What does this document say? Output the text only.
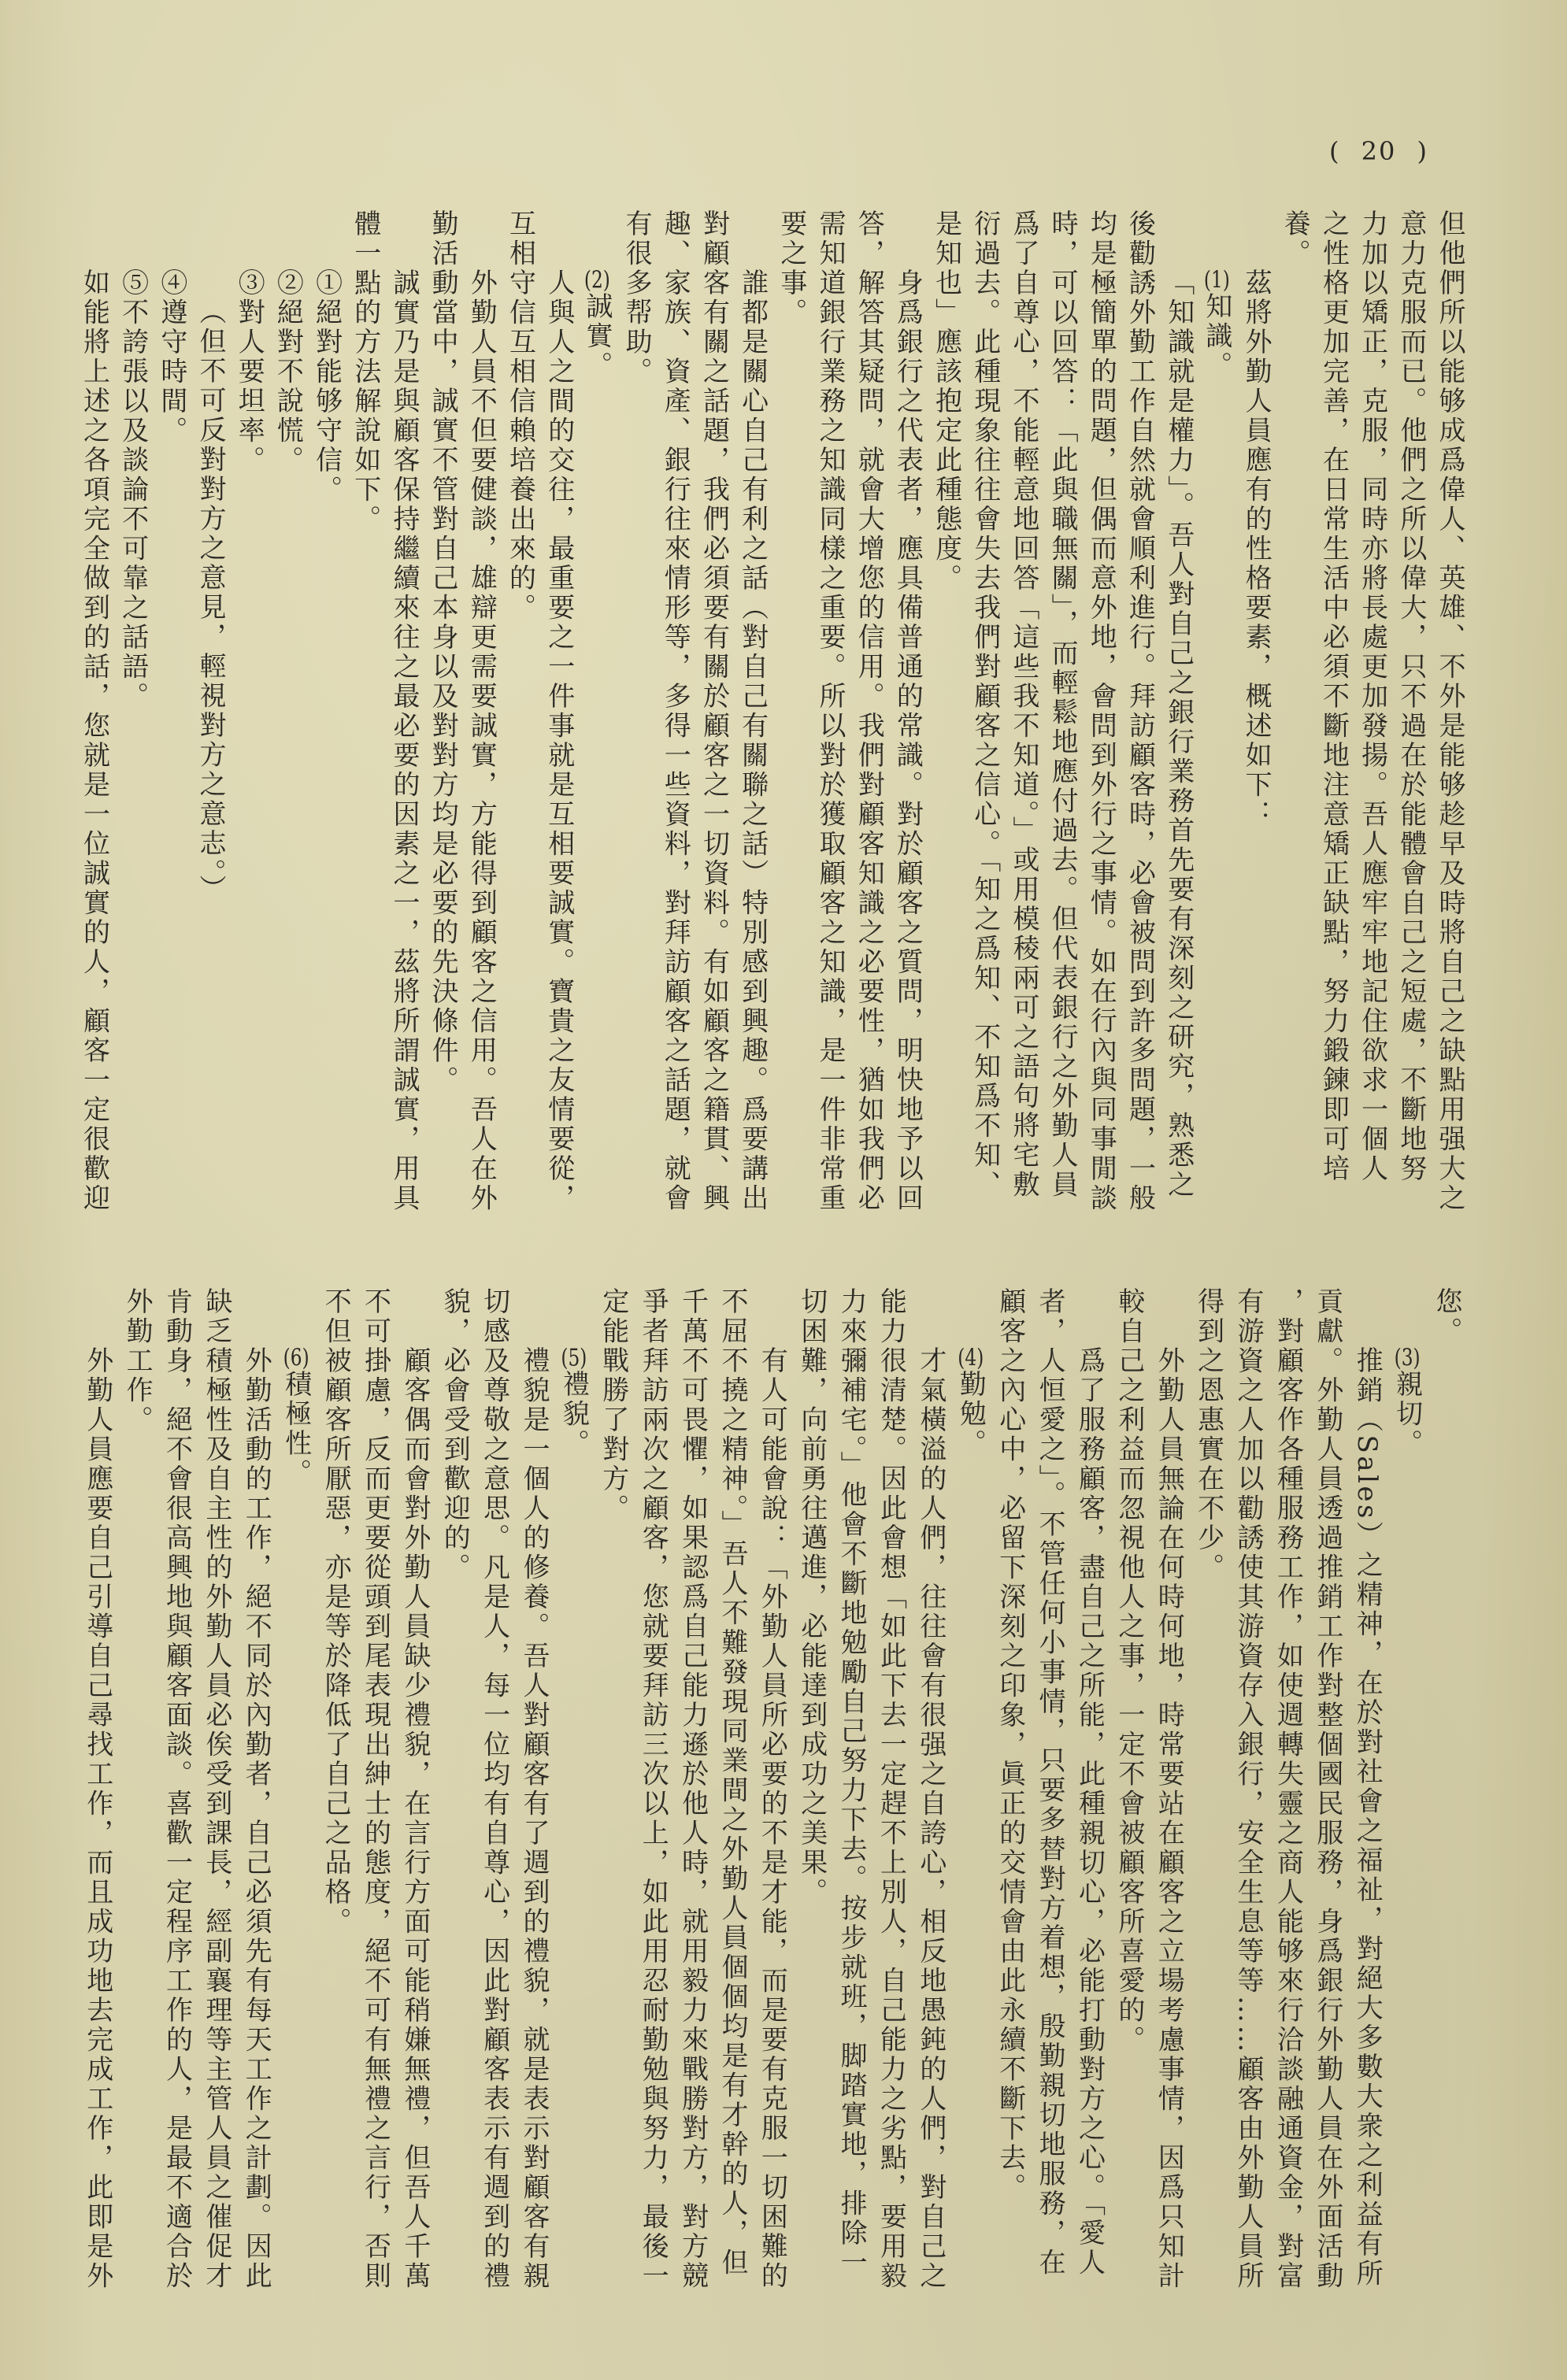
( 20 )
但他們所以能够成爲偉人、英雄、不外是能够趁早及時將自己之缺點用强大之
意力克服而已。他們之所以偉大，只不過在於能體會自己之短處，不斷地努
力加以矯正，克服，同時亦將長處更加發揚。吾人應牢牢地記住欲求一個人
之性格更加完善，在日常生活中必須不斷地注意矯正缺點，努力鍛鍊即可培
養。
茲將外勤人員應有的性格要素，概述如下：
(1)知識。
「知識就是權力」。吾人對自己之銀行業務首先要有深刻之研究，熟悉之
後勸誘外勤工作自然就會順利進行。拜訪顧客時，必會被問到許多問題，一般
均是極簡單的問題，但偶而意外地，會問到外行之事情。如在行內與同事閒談
時，可以回答：「此與職無關」，而輕鬆地應付過去。但代表銀行之外勤人員
爲了自尊心，不能輕意地回答「這些我不知道。」或用模稜兩可之語句將宅敷
衍過去。此種現象往往會失去我們對顧客之信心。「知之爲知、不知爲不知、
是知也」應該抱定此種態度。
身爲銀行之代表者，應具備普通的常識。對於顧客之質問，明快地予以回
答，解答其疑問，就會大增您的信用。我們對顧客知識之必要性，猶如我們必
需知道銀行業務之知識同樣之重要。所以對於獲取顧客之知識，是一件非常重
要之事。
誰都是關心自己有利之話（對自己有關聯之話）特別感到興趣。爲要講出
對顧客有關之話題，我們必須要有關於顧客之一切資料。有如顧客之籍貫、興
趣、家族、資產、銀行往來情形等，多得一些資料，對拜訪顧客之話題，就會
有很多帮助。
(2)誠實。
人與人之間的交往，最重要之一件事就是互相要誠實。寶貴之友情要從，
互相守信互相信賴培養出來的。
外勤人員不但要健談，雄辯更需要誠實，方能得到顧客之信用。吾人在外
勤活動當中，誠實不管對自己本身以及對對方均是必要的先決條件。
誠實乃是與顧客保持繼續來往之最必要的因素之一，茲將所謂誠實，用具
體一點的方法解說如下。
①絕對能够守信。
②絕對不說慌。
③對人要坦率。
（但不可反對對方之意見，輕視對方之意志。）
④遵守時間。
⑤不誇張以及談論不可靠之話語。
如能將上述之各項完全做到的話，您就是一位誠實的人，顧客一定很歡迎
您。
(3)親切。
推銷（Sales）之精神，在於對社會之福祉，對絕大多數大衆之利益有所
貢獻。外勤人員透過推銷工作對整個國民服務，身爲銀行外勤人員在外面活動
，對顧客作各種服務工作，如使週轉失靈之商人能够來行洽談融通資金，對富
有游資之人加以勸誘使其游資存入銀行，安全生息等等……顧客由外勤人員所
得到之恩惠實在不少。
外勤人員無論在何時何地，時常要站在顧客之立場考慮事情，因爲只知計
較自己之利益而忽視他人之事，一定不會被顧客所喜愛的。
爲了服務顧客，盡自己之所能，此種親切心，必能打動對方之心。「愛人
者，人恒愛之」。不管任何小事情，只要多替對方着想，殷勤親切地服務，在
顧客之內心中，必留下深刻之印象，眞正的交情會由此永續不斷下去。
(4)勤勉。
才氣橫溢的人們，往往會有很强之自誇心，相反地愚鈍的人們，對自己之
能力很清楚。因此會想「如此下去一定趕不上別人，自己能力之劣點，要用毅
力來彌補宅。」他會不斷地勉勵自己努力下去。按步就班，脚踏實地，排除一
切困難，向前勇往邁進，必能達到成功之美果。
有人可能會說：「外勤人員所必要的不是才能，而是要有克服一切困難的
不屈不撓之精神。」吾人不難發現同業間之外勤人員個個均是有才幹的人，但
千萬不可畏懼，如果認爲自己能力遜於他人時，就用毅力來戰勝對方，對方競
爭者拜訪兩次之顧客，您就要拜訪三次以上，如此用忍耐勤勉與努力，最後一
定能戰勝了對方。
(5)禮貌。
禮貌是一個人的修養。吾人對顧客有了週到的禮貌，就是表示對顧客有親
切感及尊敬之意思。凡是人，每一位均有自尊心，因此對顧客表示有週到的禮
貌，必會受到歡迎的。
顧客偶而會對外勤人員缺少禮貌，在言行方面可能稍嫌無禮，但吾人千萬
不可掛慮，反而更要從頭到尾表現出紳士的態度，絕不可有無禮之言行，否則
不但被顧客所厭惡，亦是等於降低了自己之品格。
(6)積極性。
外勤活動的工作，絕不同於內勤者，自己必須先有每天工作之計劃。因此
缺乏積極性及自主性的外勤人員必俟受到課長，經副襄理等主管人員之催促才
肯動身，絕不會很高興地與顧客面談。喜歡一定程序工作的人，是最不適合於
外勤工作。
外勤人員應要自己引導自己尋找工作，而且成功地去完成工作，此即是外
